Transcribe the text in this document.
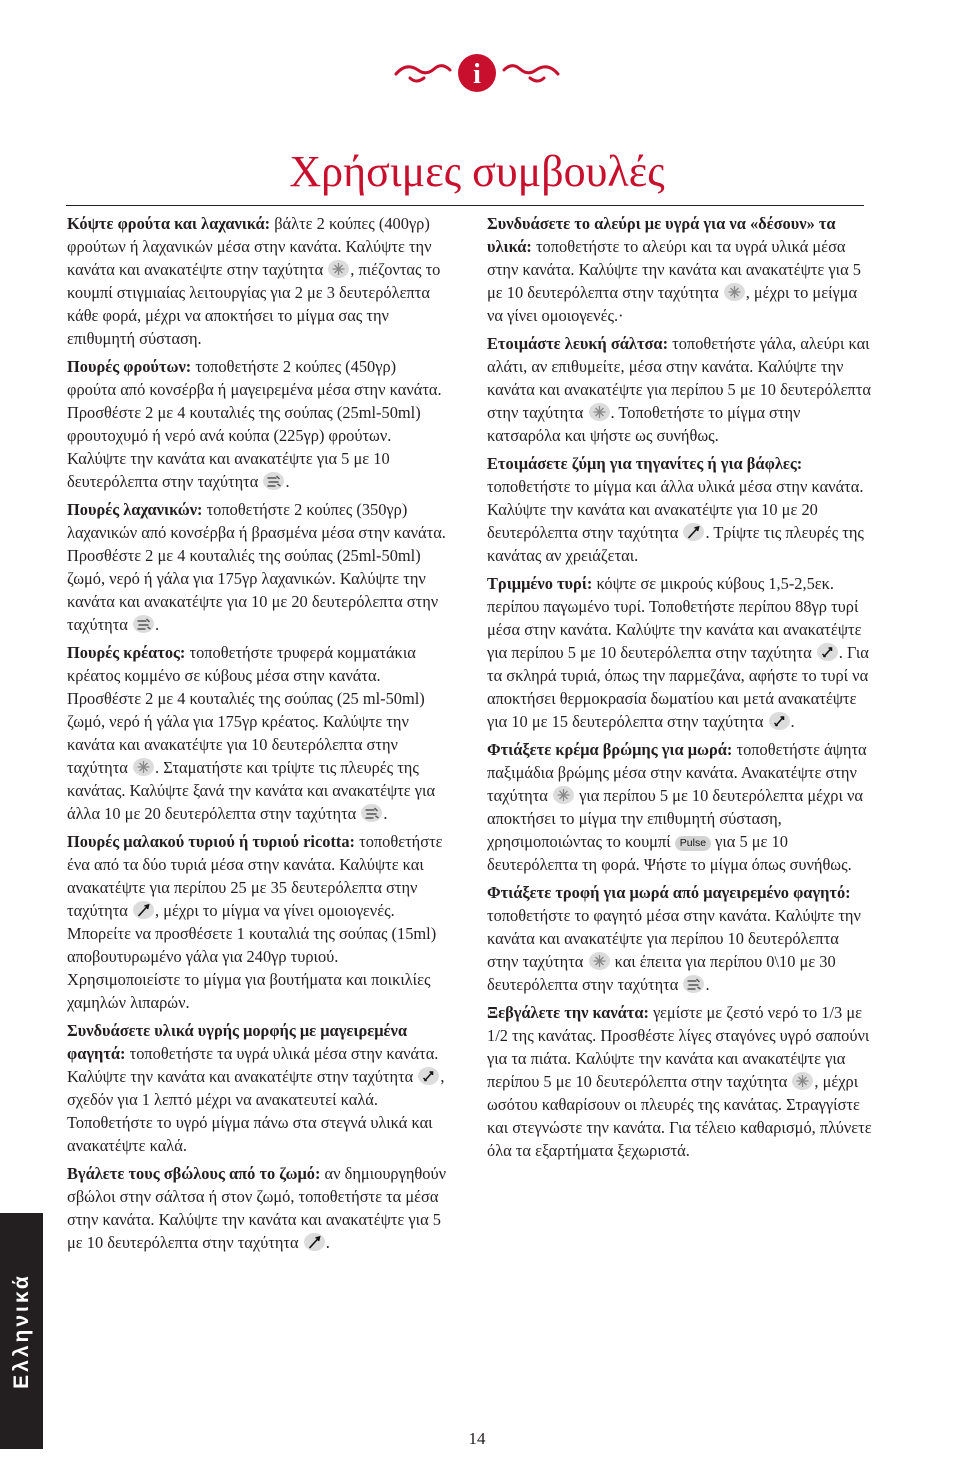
i
Χρήσιμες συμβουλές

Κόψτε φρούτα και λαχανικά: βάλτε 2 κούπες (400γρ) φρούτων ή λαχανικών μέσα στην κανάτα. Καλύψτε την κανάτα και ανακατέψτε στην ταχύτητα
, πιέζοντας το κουμπί στιγμιαίας λειτουργίας για 2 με 3 δευτερόλεπτα κάθε φορά, μέχρι να αποκτήσει το μίγμα σας την επιθυμητή σύσταση.

Πουρές φρούτων: τοποθετήστε 2 κούπες (450γρ) φρούτα από κονσέρβα ή μαγειρεμένα μέσα στην κανάτα. Προσθέστε 2 με 4 κουταλιές της σούπας (25ml-50ml) φρουτοχυμό ή νερό ανά κούπα (225γρ) φρούτων. Καλύψτε την κανάτα και ανακατέψτε για 5 με 10 δευτερόλεπτα στην ταχύτητα
.

Πουρές λαχανικών: τοποθετήστε 2 κούπες (350γρ) λαχανικών από κονσέρβα ή βρασμένα μέσα στην κανάτα. Προσθέστε 2 με 4 κουταλιές της σούπας (25ml-50ml) ζωμό, νερό ή γάλα για 175γρ λαχανικών. Καλύψτε την κανάτα και ανακατέψτε για 10 με 20 δευτερόλεπτα στην ταχύτητα
.

Πουρές κρέατος: τοποθετήστε τρυφερά κομματάκια κρέατος κομμένο σε κύβους μέσα στην κανάτα. Προσθέστε 2 με 4 κουταλιές της σούπας (25 ml-50ml) ζωμό, νερό ή γάλα για 175γρ κρέατος. Καλύψτε την κανάτα και ανακατέψτε για 10 δευτερόλεπτα στην ταχύτητα
. Σταματήστε και τρίψτε τις πλευρές της κανάτας. Καλύψτε ξανά την κανάτα και ανακατέψτε για άλλα 10 με 20 δευτερόλεπτα στην ταχύτητα
.

Πουρές μαλακού τυριού ή τυριού ricotta: τοποθετήστε ένα από τα δύο τυριά μέσα στην κανάτα. Καλύψτε και ανακατέψτε για περίπου 25 με 35 δευτερόλεπτα στην ταχύτητα
, μέχρι το μίγμα να γίνει ομοιογενές. Μπορείτε να προσθέσετε 1 κουταλιά της σούπας (15ml) αποβουτυρωμένο γάλα για 240γρ τυριού. Χρησιμοποιείστε το μίγμα για βουτήματα και ποικιλίες χαμηλών λιπαρών.

Συνδυάσετε υλικά υγρής μορφής με μαγειρεμένα φαγητά: τοποθετήστε τα υγρά υλικά μέσα στην κανάτα. Καλύψτε την κανάτα και ανακατέψτε στην ταχύτητα
, σχεδόν για 1 λεπτό μέχρι να ανακατευτεί καλά.

Τοποθετήστε το υγρό μίγμα πάνω στα στεγνά υλικά και ανακατέψτε καλά.

Βγάλετε τους σβώλους από το ζωμό: αν δημιουργηθούν σβώλοι στην σάλτσα ή στον ζωμό, τοποθετήστε τα μέσα στην κανάτα. Καλύψτε την κανάτα και ανακατέψτε για 5 με 10 δευτερόλεπτα στην ταχύτητα
.

Συνδυάσετε το αλεύρι με υγρά για να «δέσουν» τα υλικά: τοποθετήστε το αλεύρι και τα υγρά υλικά μέσα στην κανάτα. Καλύψτε την κανάτα και ανακατέψτε για 5 με 10 δευτερόλεπτα στην ταχύτητα
, μέχρι το μείγμα να γίνει ομοιογενές.·

Ετοιμάστε λευκή σάλτσα: τοποθετήστε γάλα, αλεύρι και αλάτι, αν επιθυμείτε, μέσα στην κανάτα. Καλύψτε την κανάτα και ανακατέψτε για περίπου 5 με 10 δευτερόλεπτα στην ταχύτητα
. Τοποθετήστε το μίγμα στην κατσαρόλα και ψήστε ως συνήθως.

Ετοιμάσετε ζύμη για τηγανίτες ή για βάφλες: τοποθετήστε το μίγμα και άλλα υλικά μέσα στην κανάτα. Καλύψτε την κανάτα και ανακατέψτε για 10 με 20 δευτερόλεπτα στην ταχύτητα
. Τρίψτε τις πλευρές της κανάτας αν χρειάζεται.

Τριμμένο τυρί: κόψτε σε μικρούς κύβους 1,5-2,5εκ. περίπου παγωμένο τυρί. Τοποθετήστε περίπου 88γρ τυρί μέσα στην κανάτα. Καλύψτε την κανάτα και ανακατέψτε για περίπου 5 με 10 δευτερόλεπτα στην ταχύτητα
. Για τα σκληρά τυριά, όπως την παρμεζάνα, αφήστε το τυρί να αποκτήσει θερμοκρασία δωματίου και μετά ανακατέψτε για 10 με 15 δευτερόλεπτα στην ταχύτητα
.

Φτιάξετε κρέμα βρώμης για μωρά: τοποθετήστε άψητα παξιμάδια βρώμης μέσα στην κανάτα. Ανακατέψτε στην ταχύτητα
για περίπου 5 με 10 δευτερόλεπτα μέχρι να αποκτήσει το μίγμα την επιθυμητή σύσταση, χρησιμοποιώντας το κουμπί Pulse για 5 με 10 δευτερόλεπτα τη φορά. Ψήστε το μίγμα όπως συνήθως.

Φτιάξετε τροφή για μωρά από μαγειρεμένο φαγητό: τοποθετήστε το φαγητό μέσα στην κανάτα. Καλύψτε την κανάτα και ανακατέψτε για περίπου 10 δευτερόλεπτα στην ταχύτητα
και έπειτα για περίπου 0\10 με 30 δευτερόλεπτα στην ταχύτητα
.

Ξεβγάλετε την κανάτα: γεμίστε με ζεστό νερό το 1/3 με 1/2 της κανάτας. Προσθέστε λίγες σταγόνες υγρό σαπούνι για τα πιάτα. Καλύψτε την κανάτα και ανακατέψτε για περίπου 5 με 10 δευτερόλεπτα στην ταχύτητα
, μέχρι ωσότου καθαρίσουν οι πλευρές της κανάτας. Στραγγίστε και στεγνώστε την κανάτα. Για τέλειο καθαρισμό, πλύνετε όλα τα εξαρτήματα ξεχωριστά.

Ελληνικά
14
